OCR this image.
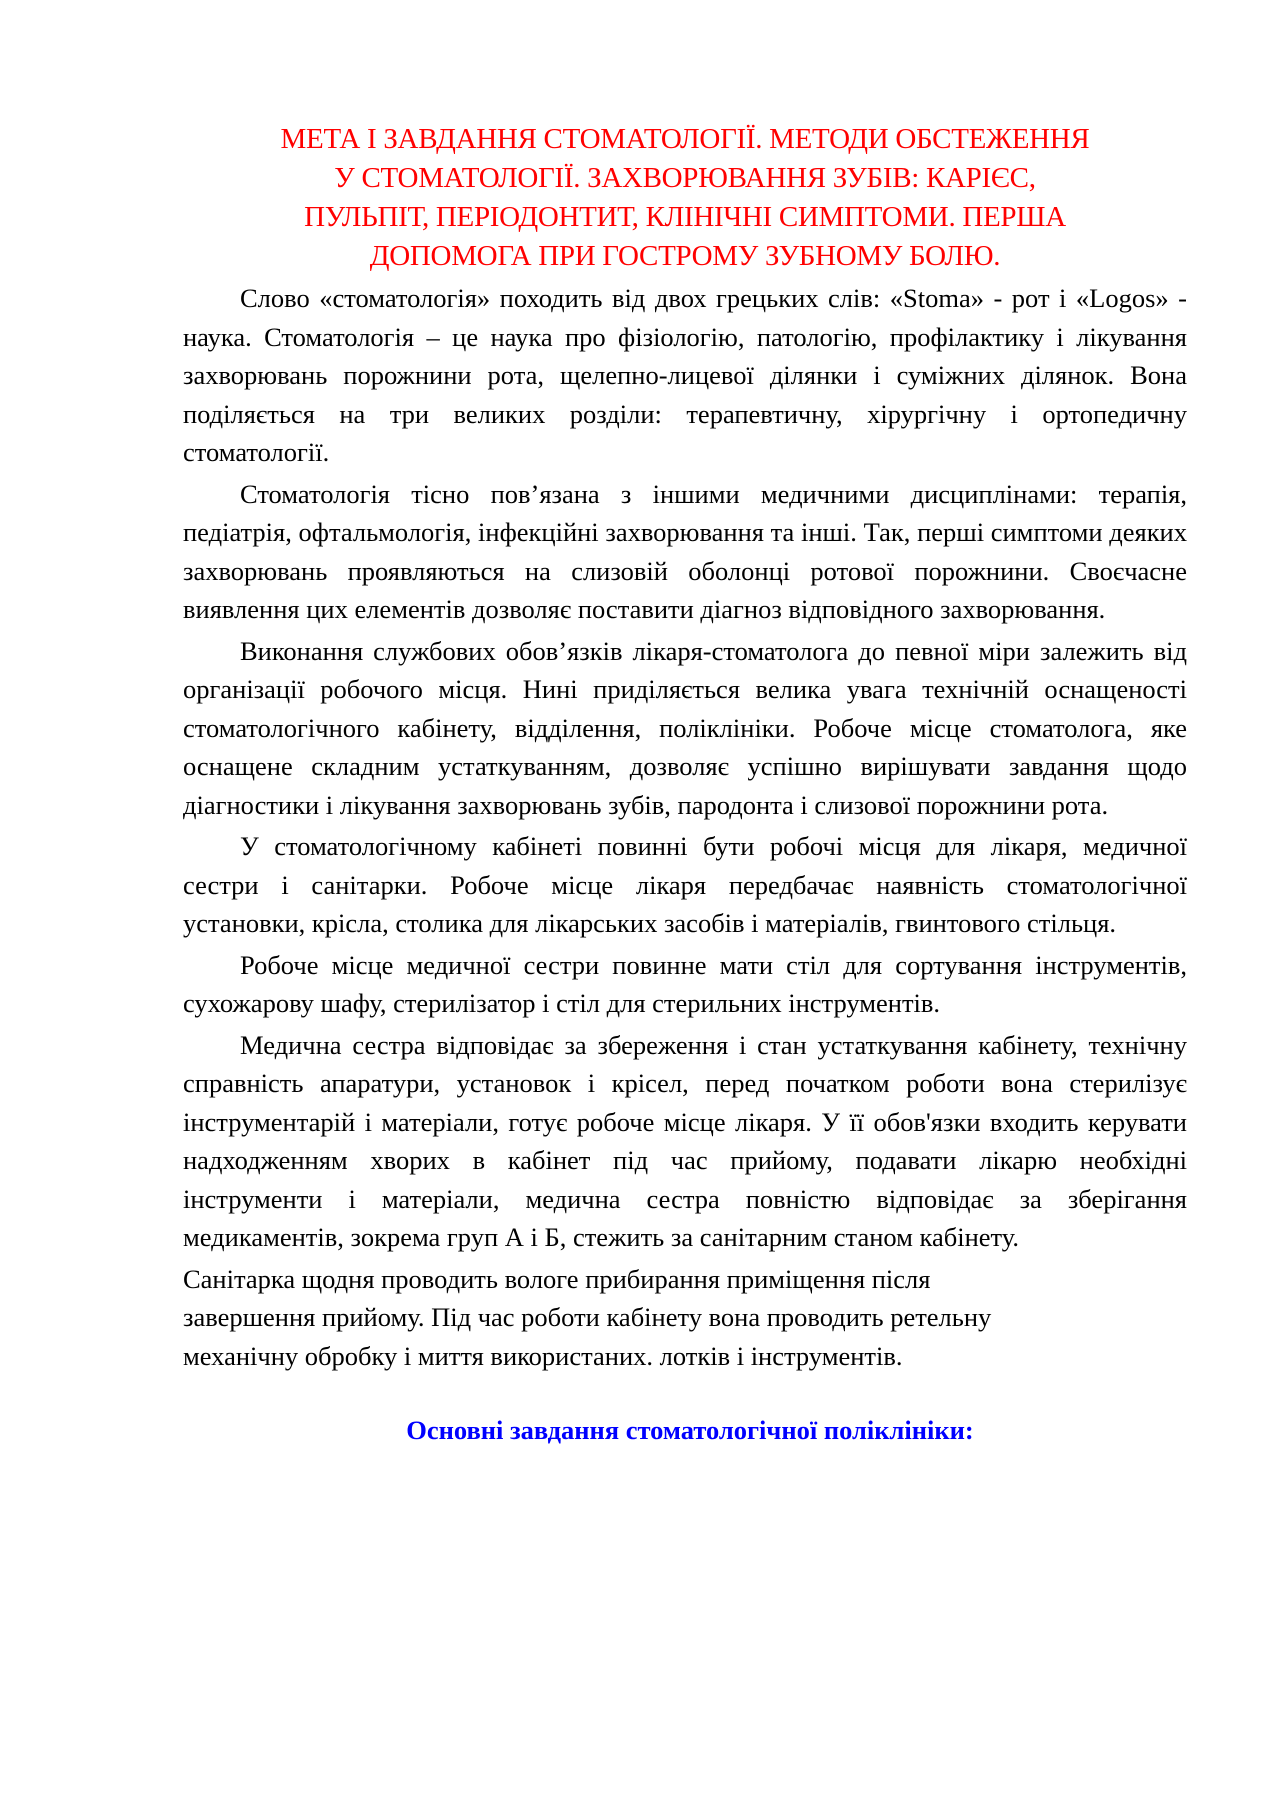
МЕТА І ЗАВДАННЯ СТОМАТОЛОГІЇ. МЕТОДИ ОБСТЕЖЕННЯ
У СТОМАТОЛОГІЇ. ЗАХВОРЮВАННЯ ЗУБІВ: КАРІЄС,
ПУЛЬПІТ, ПЕРІОДОНТИТ, КЛІНІЧНІ СИМПТОМИ. ПЕРША
ДОПОМОГА ПРИ ГОСТРОМУ ЗУБНОМУ БОЛЮ.

Слово «стоматологія» походить від двох грецьких слів: «Stoma» - рот і «Logos» - наука. Стоматологія – це наука про фізіологію, патологію, профілактику і лікування захворювань порожнини рота, щелепно-лицевої ділянки і суміжних ділянок. Вона поділяється на три великих розділи: терапевтичну, хірургічну і ортопедичну стоматології.

Стоматологія тісно пов’язана з іншими медичними дисциплінами: терапія, педіатрія, офтальмологія, інфекційні захворювання та інші. Так, перші симптоми деяких захворювань проявляються на слизовій оболонці ротової порожнини. Своєчасне виявлення цих елементів дозволяє поставити діагноз відповідного захворювання.

Виконання службових обов’язків лікаря-стоматолога до певної міри залежить від організації робочого місця. Нині приділяється велика увага технічній оснащеності стоматологічного кабінету, відділення, поліклініки. Робоче місце стоматолога, яке оснащене складним устаткуванням, дозволяє успішно вирішувати завдання щодо діагностики і лікування захворювань зубів, пародонта і слизової порожнини рота.

У стоматологічному кабінеті повинні бути робочі місця для лікаря, медичної сестри і санітарки. Робоче місце лікаря передбачає наявність стоматологічної установки, крісла, столика для лікарських засобів і матеріалів, гвинтового стільця.

Робоче місце медичної сестри повинне мати стіл для сортування інструментів, сухожарову шафу, стерилізатор і стіл для стерильних інструментів.

Медична сестра відповідає за збереження і стан устаткування кабінету, технічну справність апаратури, установок і крісел, перед початком роботи вона стерилізує інструментарій і матеріали, готує робоче місце лікаря. У її обов'язки входить керувати надходженням хворих в кабінет під час прийому, подавати лікарю необхідні інструменти і матеріали, медична сестра повністю відповідає за зберігання медикаментів, зокрема груп А і Б, стежить за санітарним станом кабінету.

Санітарка щодня проводить вологе прибирання приміщення після
завершення прийому. Під час роботи кабінету вона проводить ретельну
механічну обробку і миття використаних. лотків і інструментів.

Основні завдання стоматологічної поліклініки:
